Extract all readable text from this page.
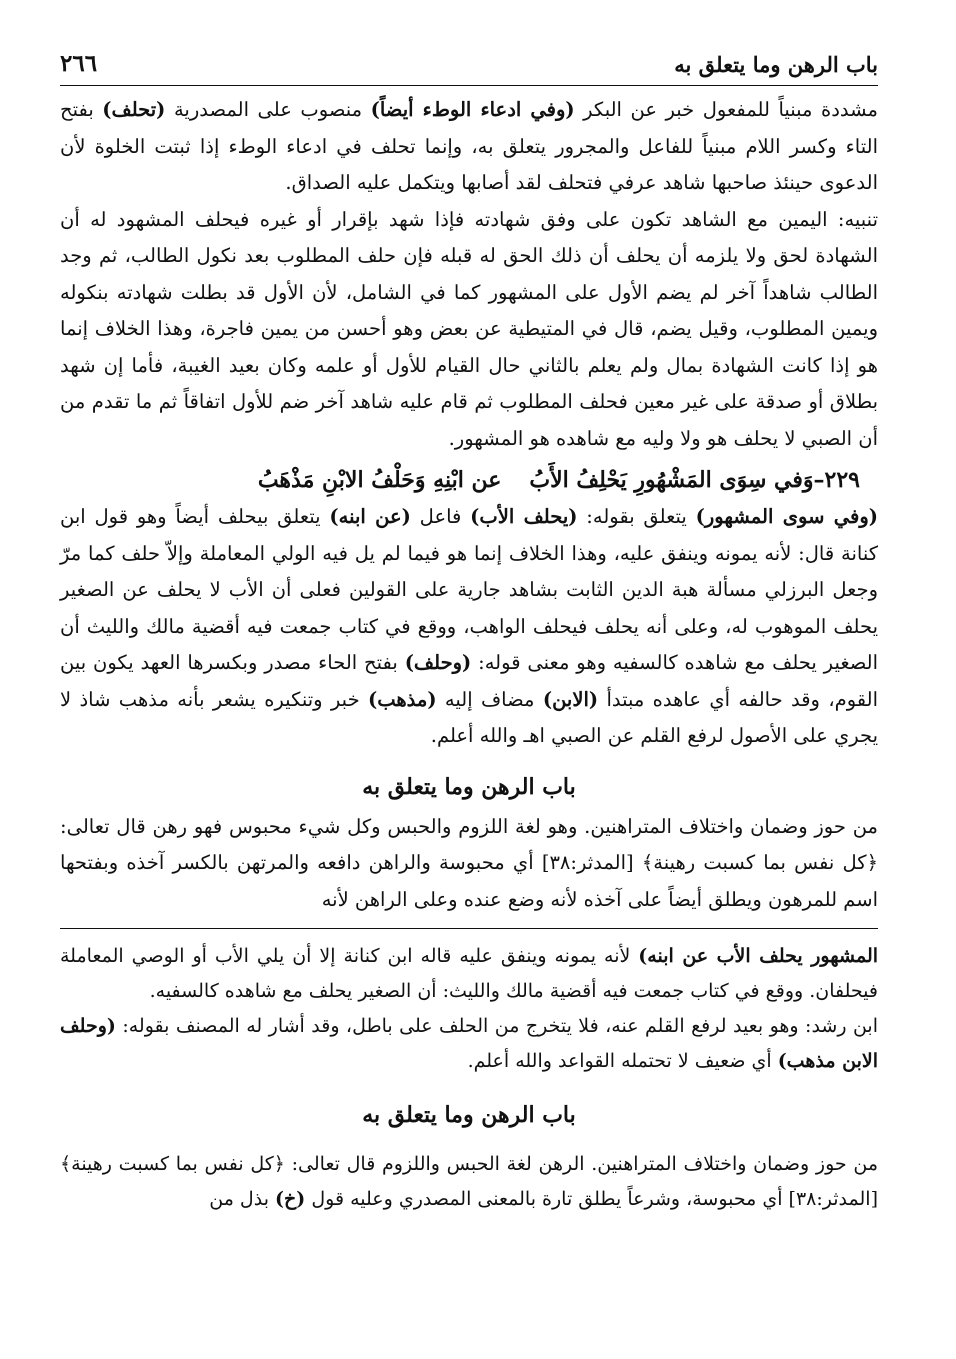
باب الرهن وما يتعلق به
٢٦٦

مشددة مبنياً للمفعول خبر عن البكر (وفي ادعاء الوطء أيضاً) منصوب على المصدرية (تحلف) بفتح التاء وكسر اللام مبنياً للفاعل والمجرور يتعلق به، وإنما تحلف في ادعاء الوطء إذا ثبتت الخلوة لأن الدعوى حينئذ صاحبها شاهد عرفي فتحلف لقد أصابها ويتكمل عليه الصداق.

تنبيه: اليمين مع الشاهد تكون على وفق شهادته فإذا شهد بإقرار أو غيره فيحلف المشهود له أن الشهادة لحق ولا يلزمه أن يحلف أن ذلك الحق له قبله فإن حلف المطلوب بعد نكول الطالب، ثم وجد الطالب شاهداً آخر لم يضم الأول على المشهور كما في الشامل، لأن الأول قد بطلت شهادته بنكوله ويمين المطلوب، وقيل يضم، قال في المتيطية عن بعض وهو أحسن من يمين فاجرة، وهذا الخلاف إنما هو إذا كانت الشهادة بمال ولم يعلم بالثاني حال القيام للأول أو علمه وكان بعيد الغيبة، فأما إن شهد بطلاق أو صدقة على غير معين فحلف المطلوب ثم قام عليه شاهد آخر ضم للأول اتفاقاً ثم ما تقدم من أن الصبي لا يحلف هو ولا وليه مع شاهده هو المشهور.

٢٢٩–وَفي سِوَى المَشْهُورِ يَحْلِفُ الأَبُعن ابْنِهِ وَحَلْفُ الابْنِ مَذْهَبُ

(وفي سوى المشهور) يتعلق بقوله: (يحلف الأب) فاعل (عن ابنه) يتعلق بيحلف أيضاً وهو قول ابن كنانة قال: لأنه يمونه وينفق عليه، وهذا الخلاف إنما هو فيما لم يل فيه الولي المعاملة وإلاّ حلف كما مرّ وجعل البرزلي مسألة هبة الدين الثابت بشاهد جارية على القولين فعلى أن الأب لا يحلف عن الصغير يحلف الموهوب له، وعلى أنه يحلف فيحلف الواهب، ووقع في كتاب جمعت فيه أقضية مالك والليث أن الصغير يحلف مع شاهده كالسفيه وهو معنى قوله: (وحلف) بفتح الحاء مصدر وبكسرها العهد يكون بين القوم، وقد حالفه أي عاهده مبتدأ (الابن) مضاف إليه (مذهب) خبر وتنكيره يشعر بأنه مذهب شاذ لا يجري على الأصول لرفع القلم عن الصبي اهـ والله أعلم.

باب الرهن وما يتعلق به

من حوز وضمان واختلاف المتراهنين. وهو لغة اللزوم والحبس وكل شيء محبوس فهو رهن قال تعالى: ﴿كل نفس بما كسبت رهينة﴾ [المدثر:٣٨] أي محبوسة والراهن دافعه والمرتهن بالكسر آخذه وبفتحها اسم للمرهون ويطلق أيضاً على آخذه لأنه وضع عنده وعلى الراهن لأنه

المشهور يحلف الأب عن ابنه) لأنه يمونه وينفق عليه قاله ابن كنانة إلا أن يلي الأب أو الوصي المعاملة فيحلفان. ووقع في كتاب جمعت فيه أقضية مالك والليث: أن الصغير يحلف مع شاهده كالسفيه.

ابن رشد: وهو بعيد لرفع القلم عنه، فلا يتخرج من الحلف على باطل، وقد أشار له المصنف بقوله: (وحلف الابن مذهب) أي ضعيف لا تحتمله القواعد والله أعلم.

باب الرهن وما يتعلق به

من حوز وضمان واختلاف المتراهنين. الرهن لغة الحبس واللزوم قال تعالى: ﴿كل نفس بما كسبت رهينة﴾ [المدثر:٣٨] أي محبوسة، وشرعاً يطلق تارة بالمعنى المصدري وعليه قول (خ) بذل من
